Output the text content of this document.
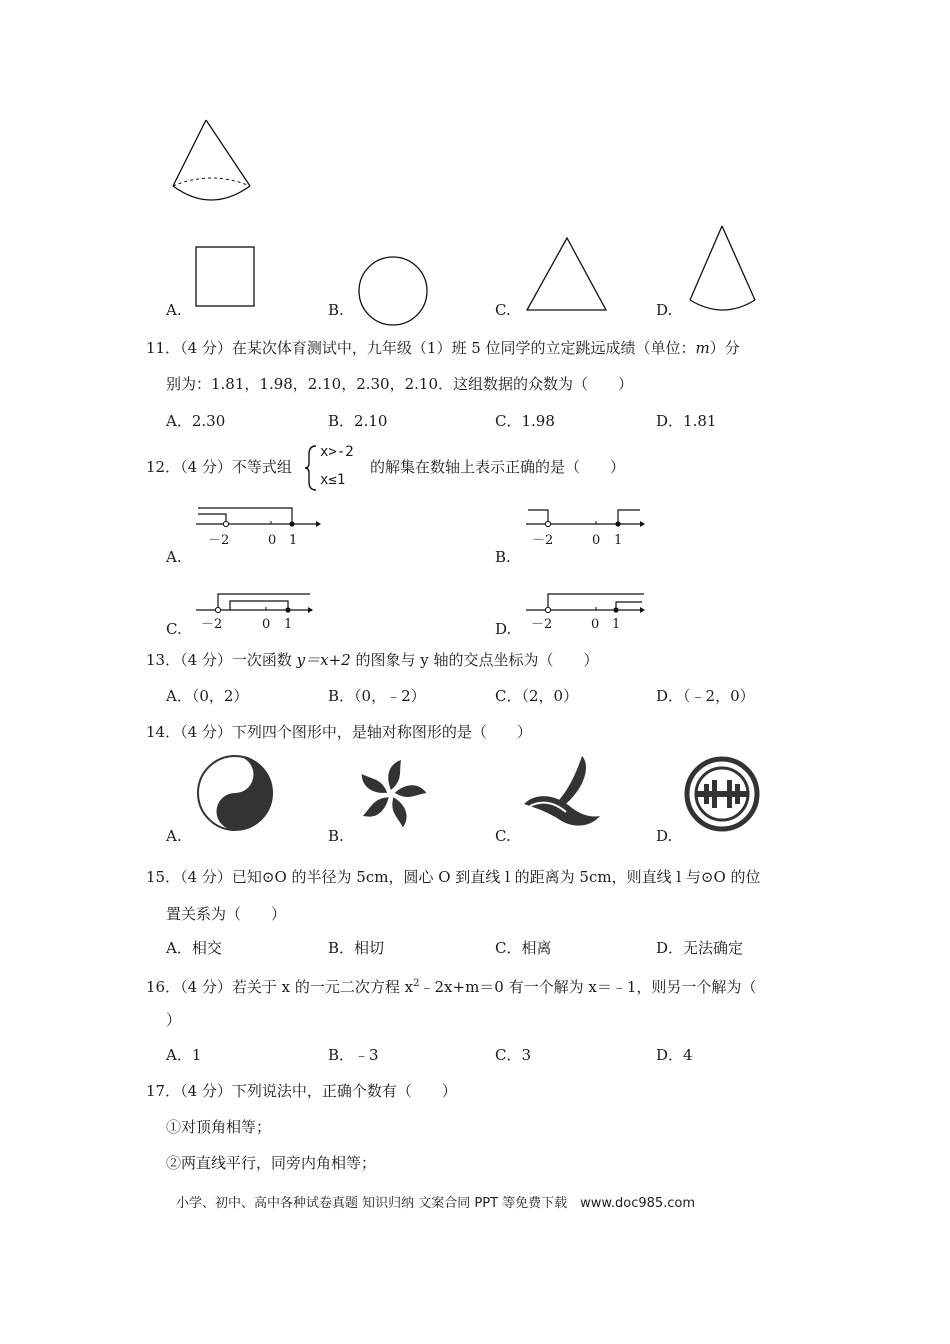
A.	B.	C.	D.
11．（4 分）在某次体育测试中，九年级（1）班 5 位同学的立定跳远成绩（单位：m）分
别为：1.81，1.98，2.10，2.30，2.10．这组数据的众数为（　　）
A．2.30	B．2.10	C．1.98	D．1.81
12．（4 分）不等式组
x>-2
x≤1
的解集在数轴上表示正确的是（　　）
A.
－2	0 1
B.
－2	0 1
C. －2	0 1	D. －2	0 1
13．（4 分）一次函数 y＝x+2 的图象与 y 轴的交点坐标为（　　）
A．（0，2）	B．（0，﹣2）	C．（2，0）	D．（﹣2，0）
14．（4 分）下列四个图形中，是轴对称图形的是（　　）
A.	B.	C.	D.
15．（4 分）已知⊙O 的半径为 5cm，圆心 O 到直线 l 的距离为 5cm，则直线 l 与⊙O 的位
置关系为（　　）
A．相交	B．相切	C．相离	D．无法确定
16．（4 分）若关于 x 的一元二次方程 $x^2﹣2x+m=0$ 有一个解为 x＝﹣1，则另一个解为（
）
A．1	B．﹣3	C．3	D．4
17．（4 分）下列说法中，正确个数有（　　）
①对顶角相等；
②两直线平行，同旁内角相等；
小学、初中、高中各种试卷真题 知识归纳 文案合同 PPT 等免费下载　www.doc985.com
